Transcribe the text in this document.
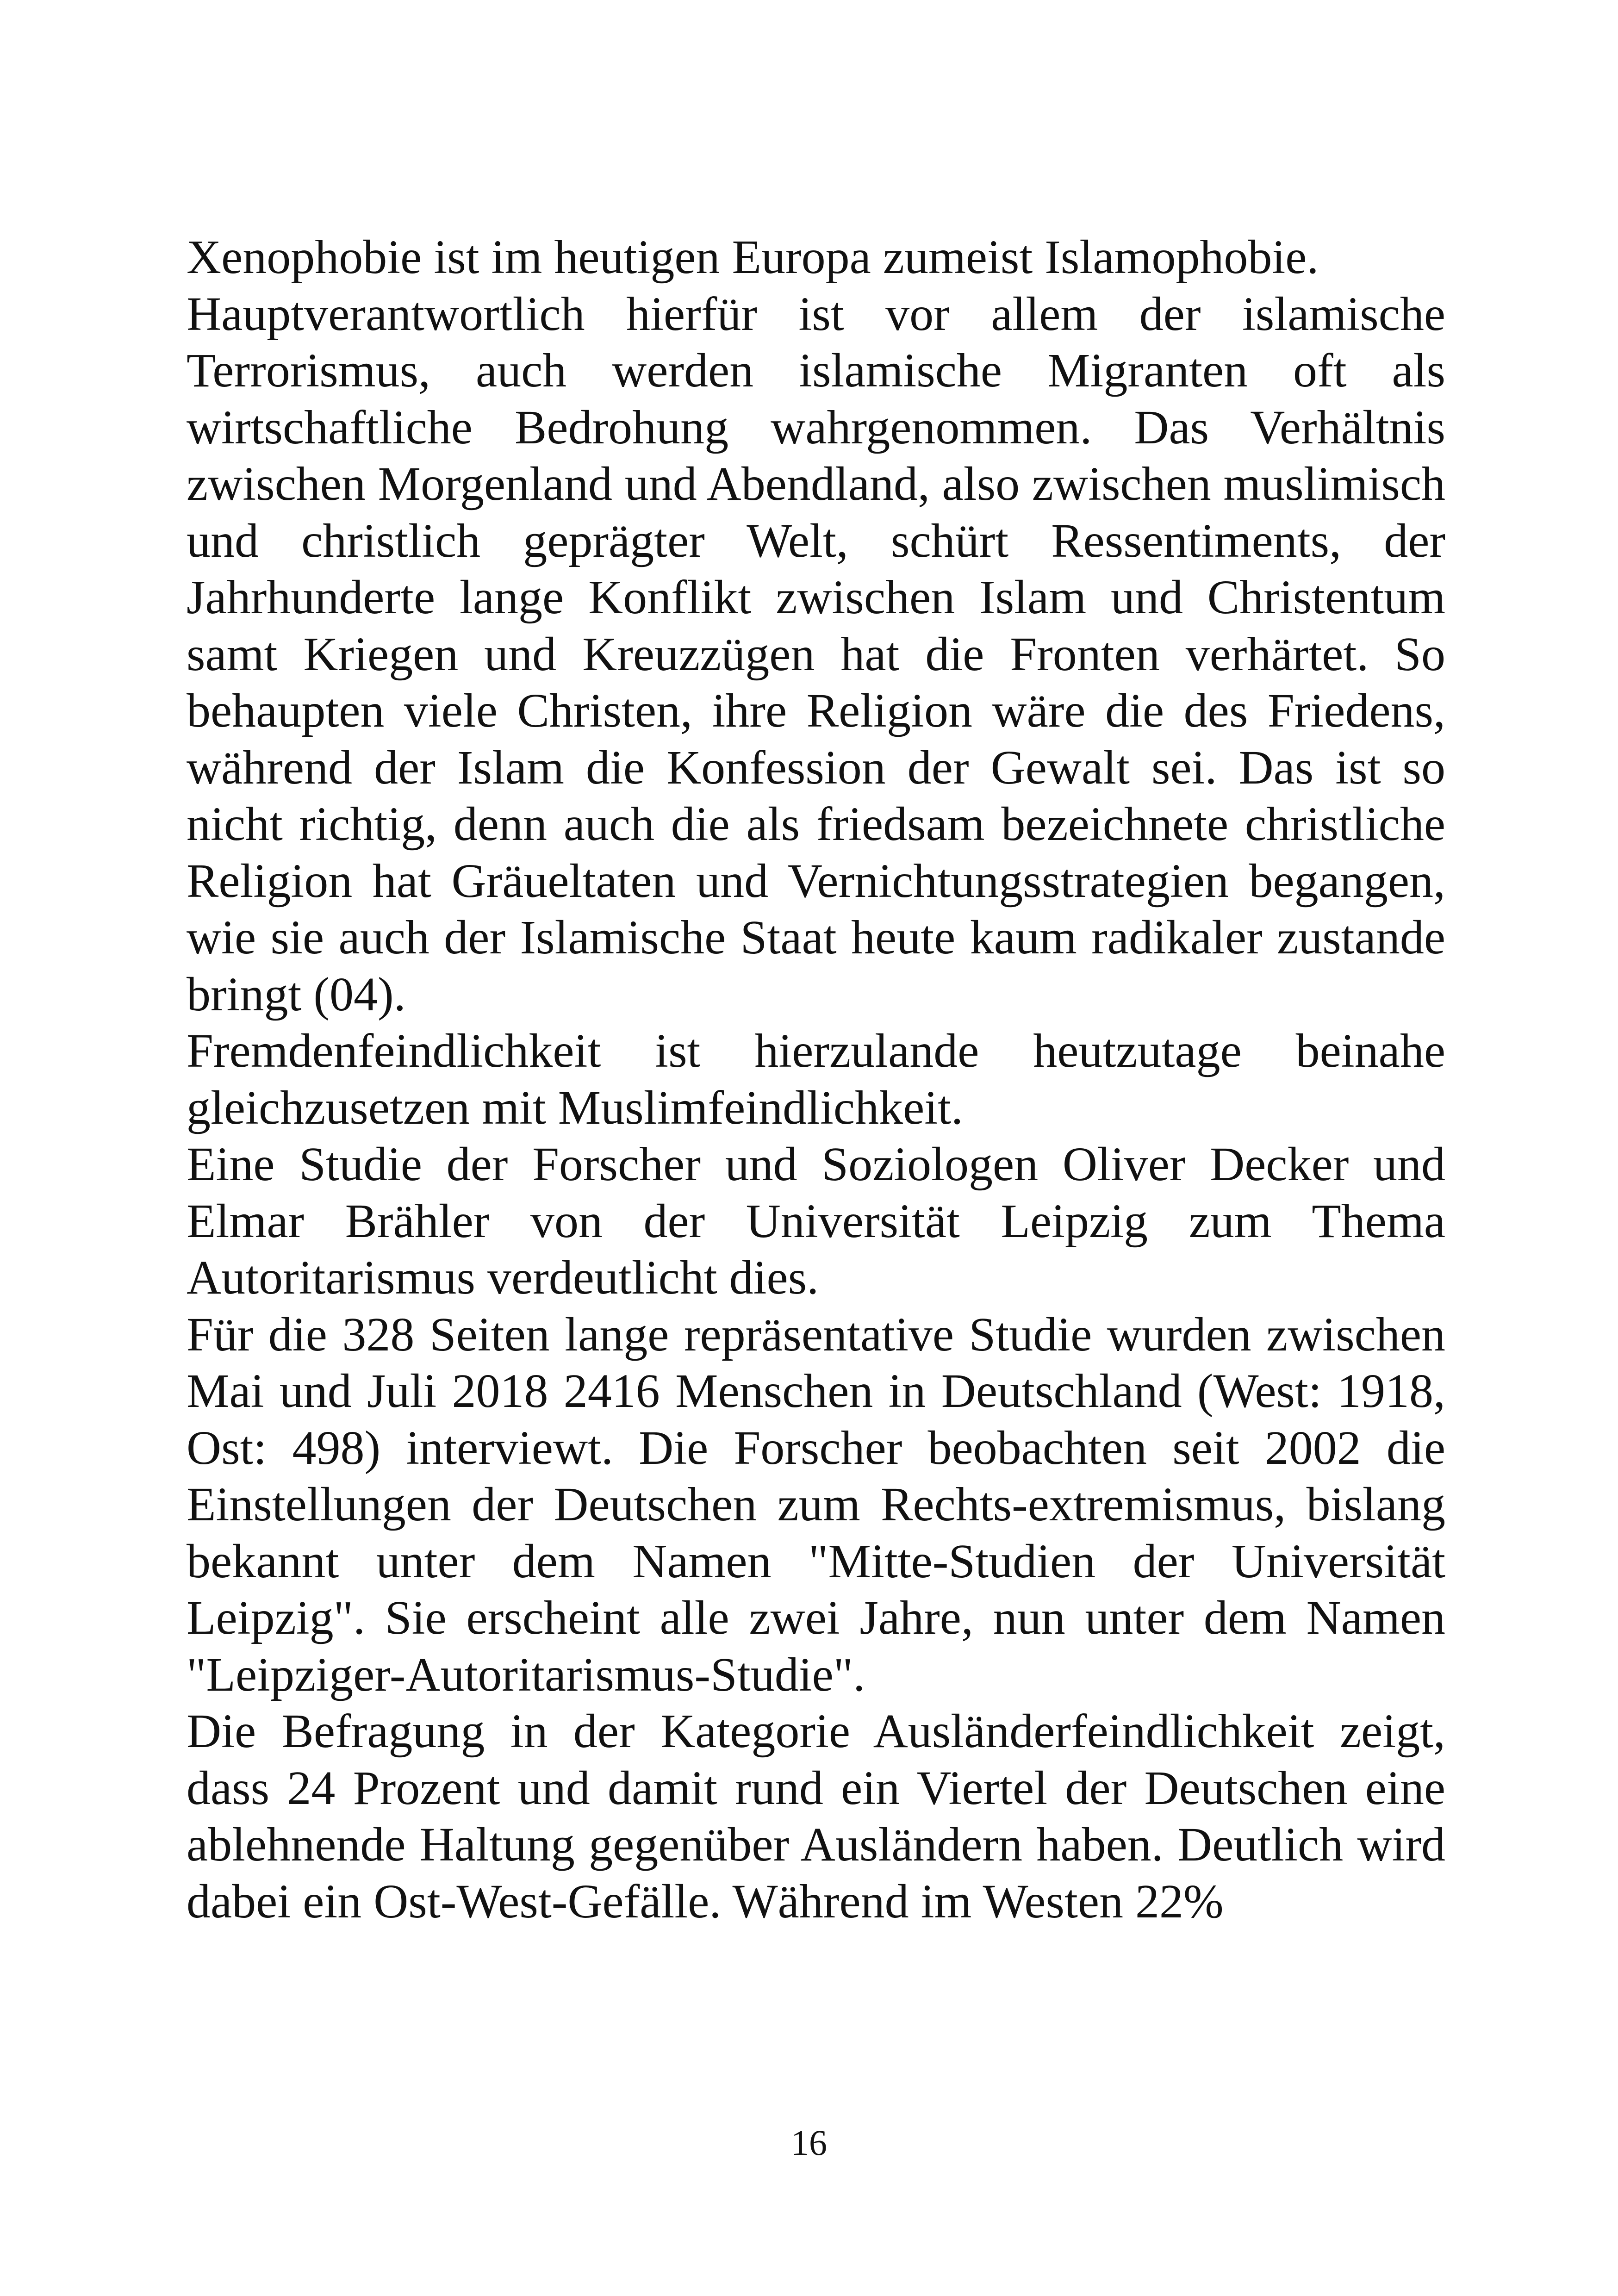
Xenophobie ist im heutigen Europa zumeist Islamophobie.

Hauptverantwortlich hierfür ist vor allem der islamische Terrorismus, auch werden islamische Migranten oft als wirtschaftliche Bedrohung wahrgenommen. Das Verhältnis zwischen Morgenland und Abendland, also zwischen muslimisch und christlich geprägter Welt, schürt Ressentiments, der Jahrhunderte lange Konflikt zwischen Islam und Christentum samt Kriegen und Kreuzzügen hat die Fronten verhärtet. So behaupten viele Christen, ihre Religion wäre die des Friedens, während der Islam die Konfession der Gewalt sei. Das ist so nicht richtig, denn auch die als friedsam bezeichnete christliche Religion hat Gräueltaten und Vernichtungsstrategien begangen, wie sie auch der Islamische Staat heute kaum radikaler zustande bringt (04).

Fremdenfeindlichkeit ist hierzulande heutzutage beinahe gleichzusetzen mit Muslimfeindlichkeit.

Eine Studie der Forscher und Soziologen Oliver Decker und Elmar Brähler von der Universität Leipzig zum Thema Autoritarismus verdeutlicht dies.

Für die 328 Seiten lange repräsentative Studie wurden zwischen Mai und Juli 2018 2416 Menschen in Deutschland (West: 1918, Ost: 498) interviewt. Die Forscher beobachten seit 2002 die Einstellungen der Deutschen zum Rechts-extremismus, bislang bekannt unter dem Namen "Mitte-Studien der Universität Leipzig". Sie erscheint alle zwei Jahre, nun unter dem Namen "Leipziger-Autoritarismus-Studie".

Die Befragung in der Kategorie Ausländerfeindlichkeit zeigt, dass 24 Prozent und damit rund ein Viertel der Deutschen eine ablehnende Haltung gegenüber Ausländern haben. Deutlich wird dabei ein Ost-West-Gefälle. Während im Westen 22%

16
